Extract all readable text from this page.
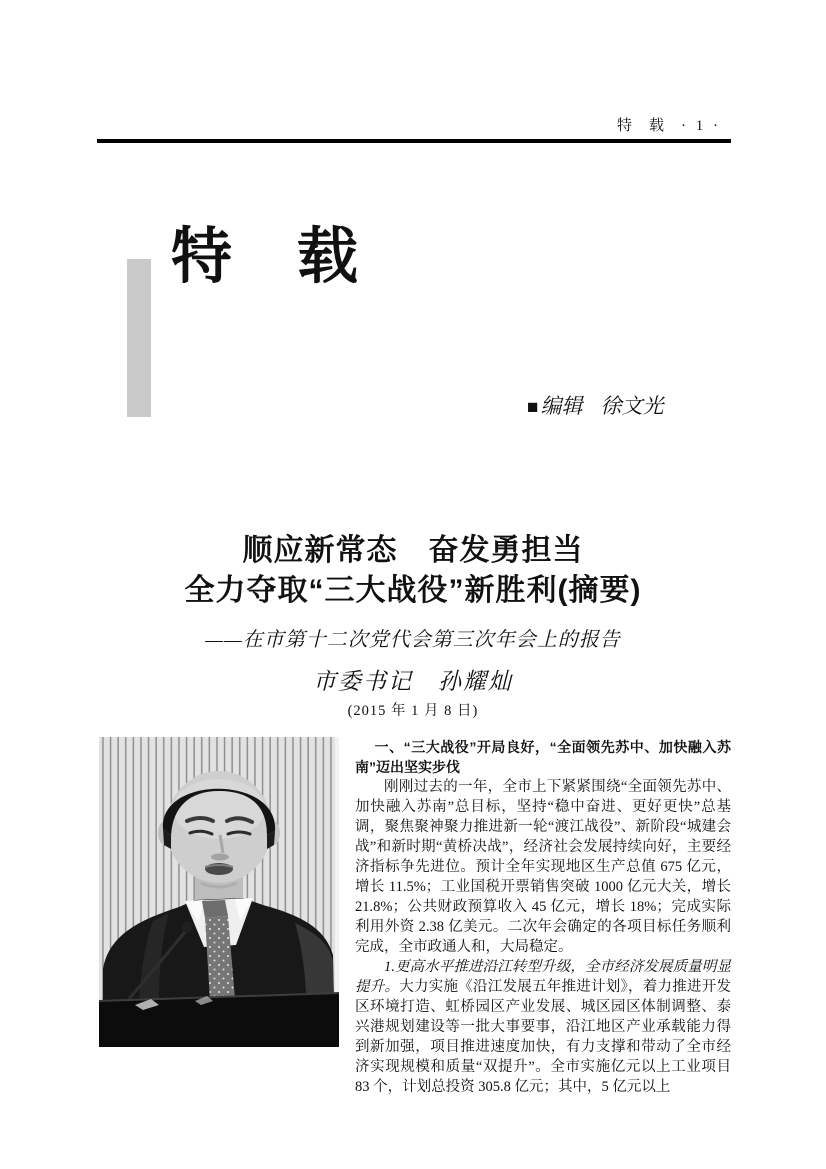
特　载 · 1 ·
特　载
■编辑 徐文光
顺应新常态　奋发勇担当
全力夺取“三大战役”新胜利(摘要)

——在市第十二次党代会第三次年会上的报告

市委书记　孙耀灿

(2015 年 1 月 8 日)

一、“三大战役”开局良好，“全面领先苏中、加快融入苏南”迈出坚实步伐

刚刚过去的一年，全市上下紧紧围绕“全面领先苏中、加快融入苏南”总目标，坚持“稳中奋进、更好更快”总基调，聚焦聚神聚力推进新一轮“渡江战役”、新阶段“城建会战”和新时期“黄桥决战”，经济社会发展持续向好，主要经济指标争先进位。预计全年实现地区生产总值 675 亿元，增长 11.5%；工业国税开票销售突破 1000 亿元大关，增长 21.8%；公共财政预算收入 45 亿元，增长 18%；完成实际利用外资 2.38 亿美元。二次年会确定的各项目标任务顺利完成，全市政通人和，大局稳定。

1.更高水平推进沿江转型升级，全市经济发展质量明显提升。大力实施《沿江发展五年推进计划》，着力推进开发区环境打造、虹桥园区产业发展、城区园区体制调整、泰兴港规划建设等一批大事要事，沿江地区产业承载能力得到新加强，项目推进速度加快，有力支撑和带动了全市经济实现规模和质量“双提升”。全市实施亿元以上工业项目 83 个，计划总投资 305.8 亿元；其中，5 亿元以上
